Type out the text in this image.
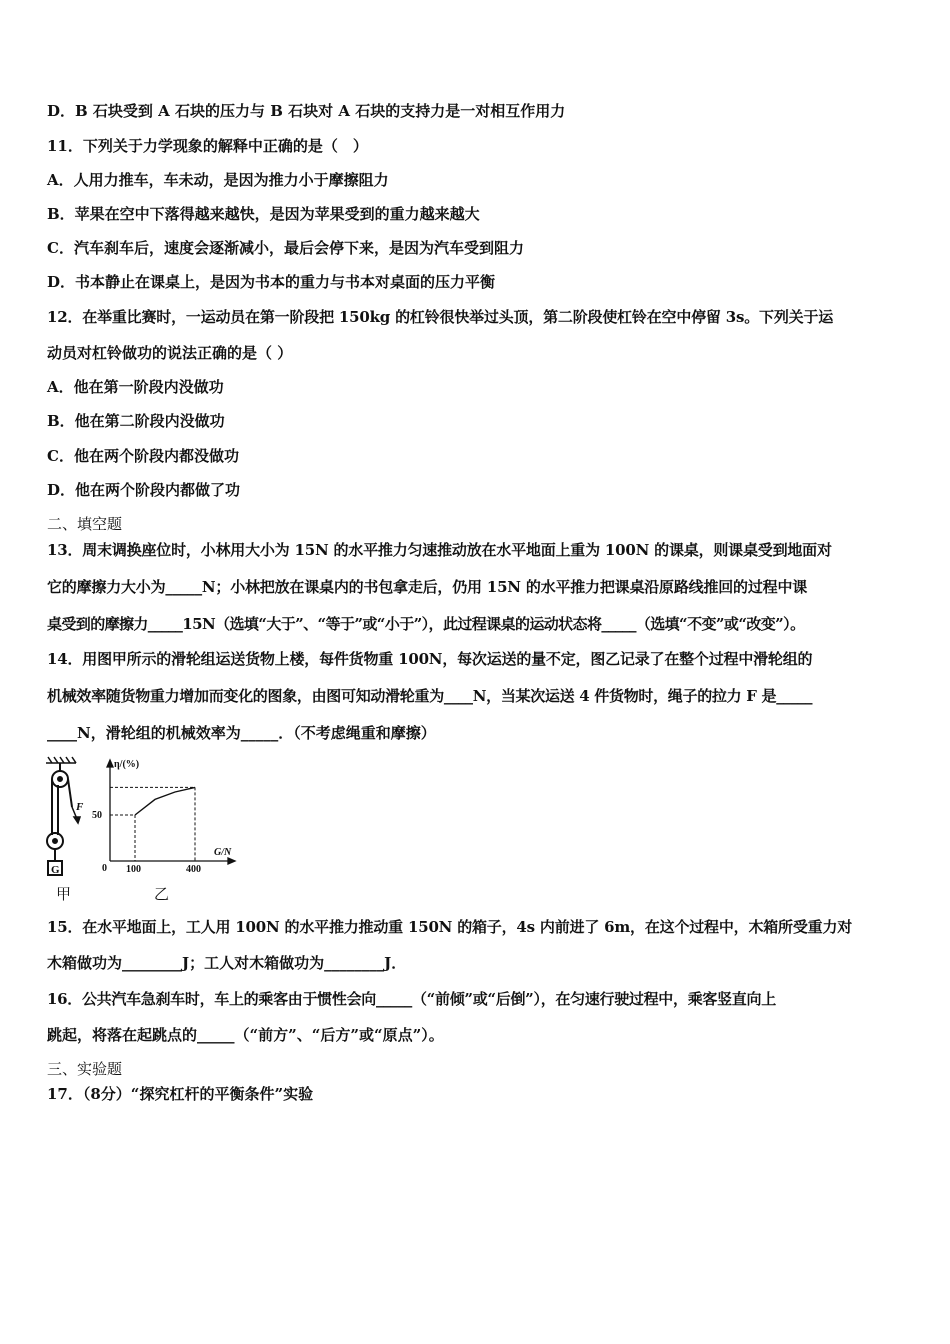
D．B 石块受到 A 石块的压力与 B 石块对 A 石块的支持力是一对相互作用力
11．下列关于力学现象的解释中正确的是（　）
A．人用力推车，车未动，是因为推力小于摩擦阻力
B．苹果在空中下落得越来越快，是因为苹果受到的重力越来越大
C．汽车刹车后，速度会逐渐减小，最后会停下来，是因为汽车受到阻力
D．书本静止在课桌上，是因为书本的重力与书本对桌面的压力平衡
12．在举重比赛时，一运动员在第一阶段把 150kg 的杠铃很快举过头顶，第二阶段使杠铃在空中停留 3s。下列关于运
动员对杠铃做功的说法正确的是（ ）
A．他在第一阶段内没做功
B．他在第二阶段内没做功
C．他在两个阶段内都没做功
D．他在两个阶段内都做了功
二、填空题
13．周末调换座位时，小林用大小为 15N 的水平推力匀速推动放在水平地面上重为 100N 的课桌，则课桌受到地面对
它的摩擦力大小为_____N；小林把放在课桌内的书包拿走后，仍用 15N 的水平推力把课桌沿原路线推回的过程中课
桌受到的摩擦力_____15N（选填“大于”、“等于”或“小于”），此过程课桌的运动状态将_____（选填“不变”或“改变”）。
14．用图甲所示的滑轮组运送货物上楼，每件货物重 100N，每次运送的量不定，图乙记录了在整个过程中滑轮组的
机械效率随货物重力增加而变化的图象，由图可知动滑轮重为____N，当某次运送 4 件货物时，绳子的拉力 F 是_____
____N，滑轮组的机械效率为_____．（不考虑绳重和摩擦）
F
G
η/(%)
G/N
0
50
100	400
甲	乙
15．在水平地面上，工人用 100N 的水平推力推动重 150N 的箱子，4s 内前进了 6m，在这个过程中，木箱所受重力对
木箱做功为________J；工人对木箱做功为________J．
16．公共汽车急刹车时，车上的乘客由于惯性会向_____（“前倾”或“后倒”），在匀速行驶过程中，乘客竖直向上
跳起，将落在起跳点的_____（“前方”、“后方”或“原点”）。
三、实验题
17．（8分）“探究杠杆的平衡条件”实验
